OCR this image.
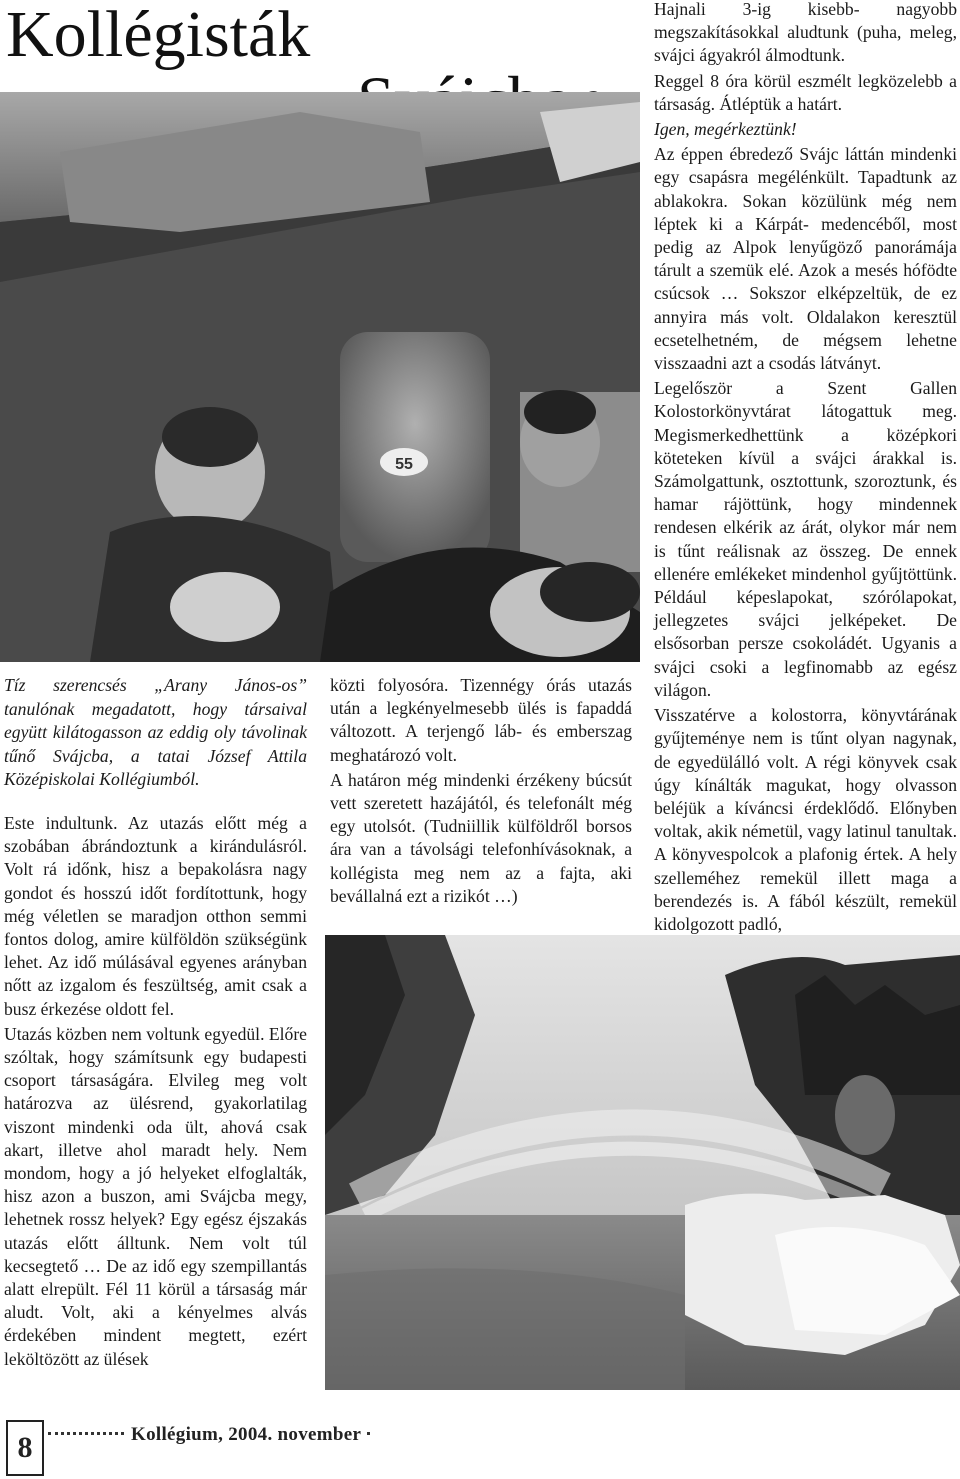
Kollégisták
55
Tíz szerencsés „Arany János-os” tanulónak megadatott, hogy társaival együtt kilátogasson az eddig oly távolinak tűnő Svájcba, a tatai József Attila Középiskolai Kollégiumból.

Este indultunk. Az utazás előtt még a szobában ábrándoztunk a kirándulásról. Volt rá időnk, hisz a bepakolásra nagy gondot és hosszú időt fordítottunk, hogy még véletlen se maradjon otthon semmi fontos dolog, amire külföldön szükségünk lehet. Az idő múlásával egyenes arányban nőtt az izgalom és feszültség, amit csak a busz érkezése oldott fel.

Utazás közben nem voltunk egyedül. Előre szóltak, hogy számítsunk egy budapesti csoport társaságára. Elvileg meg volt határozva az ülésrend, gyakorlatilag viszont mindenki oda ült, ahová csak akart, illetve ahol maradt hely. Nem mondom, hogy a jó helyeket elfoglalták, hisz azon a buszon, ami Svájcba megy, lehetnek rossz helyek? Egy egész éjszakás utazás előtt álltunk. Nem volt túl kecsegtető … De az idő egy szempillantás alatt elrepült. Fél 11 körül a társaság már aludt. Volt, aki a kényelmes alvás érdekében mindent megtett, ezért leköltözött az ülések

közti folyosóra. Tizennégy órás utazás után a legkényelmesebb ülés is fapaddá változott. A terjengő láb- és emberszag meghatározó volt.

A határon még mindenki érzékeny búcsút vett szeretett hazájától, és telefonált még egy utolsót. (Tudniillik külföldről borsos ára van a távolsági telefonhívásoknak, a kollégista meg nem az a fajta, aki bevállalná ezt a rizikót …)

Hajnali 3-ig kisebb- nagyobb megszakításokkal aludtunk (puha, meleg, svájci ágyakról álmodtunk.

Reggel 8 óra körül eszmélt legközelebb a társaság. Átléptük a határt.

Igen, megérkeztünk!

Az éppen ébredező Svájc láttán mindenki egy csapásra megélénkült. Tapadtunk az ablakokra. Sokan közülünk még nem léptek ki a Kárpát- medencéből, most pedig az Alpok lenyűgöző panorámája tárult a szemük elé. Azok a mesés hófödte csúcsok … Sokszor elképzeltük, de ez annyira más volt. Oldalakon keresztül ecsetelhetném, de mégsem lehetne visszaadni azt a csodás látványt.

Legelőször a Szent Gallen Kolostorkönyvtárat látogattuk meg. Megismerkedhettünk a középkori köteteken kívül a svájci árakkal is. Számolgattunk, osztottunk, szoroztunk, és hamar rájöttünk, hogy mindennek rendesen elkérik az árát, olykor már nem is tűnt reálisnak az összeg. De ennek ellenére emlékeket mindenhol gyűjtöttünk. Például képeslapokat, szórólapokat, jellegzetes svájci jelképeket. De elsősorban persze csokoládét. Ugyanis a svájci csoki a legfinomabb az egész világon.

Visszatérve a kolostorra, könyvtárának gyűjteménye nem is tűnt olyan nagynak, de egyedülálló volt. A régi könyvek csak úgy kínálták magukat, hogy olvasson beléjük a kíváncsi érdeklődő. Előnyben voltak, akik németül, vagy latinul tanultak. A könyvespolcok a plafonig értek. A hely szelleméhez remekül illett maga a berendezés is. A fából készült, remekül kidolgozott padló,

8	Kollégium, 2004. november
